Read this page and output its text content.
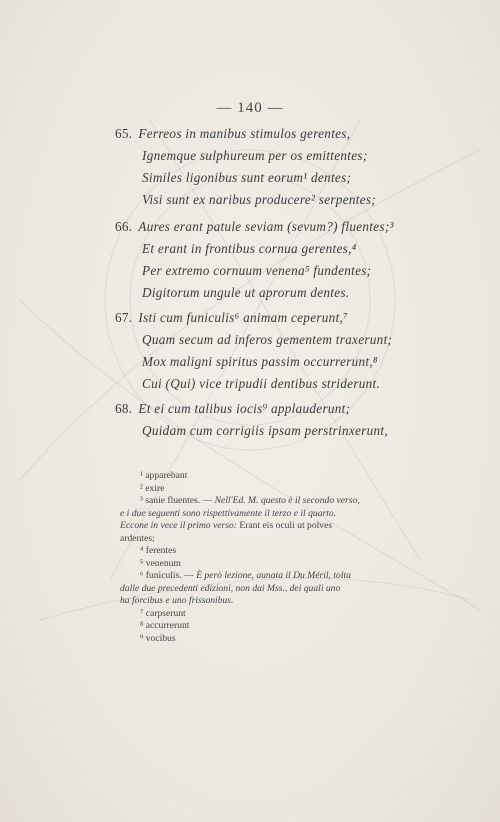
— 140 —
65. Ferreos in manibus stimulos gerentes,
Ignemque sulphureum per os emittentes;
Similes ligonibus sunt eorum¹ dentes;
Visi sunt ex naribus producere² serpentes;
66. Aures erant patule seviam (sevum?) fluentes;³
Et erant in frontibus cornua gerentes,⁴
Per extremo cornuum venena⁵ fundentes;
Digitorum ungule ut aprorum dentes.
67. Isti cum funiculis⁶ animam ceperunt,⁷
Quam secum ad inferos gementem traxerunt;
Mox maligni spiritus passim occurrerunt,⁸
Cui (Qui) vice tripudii dentibus striderunt.
68. Et ei cum talibus iocis⁹ applauderunt;
Quidam cum corrigiis ipsam perstrinxerunt,
¹ apparebant
² exire
³ sanie fluentes. — Nell'Ed. M. questo è il secondo verso,
e i due seguenti sono rispettivamente il terzo e il quarto.
Eccone in vece il primo verso: Erant eis oculi ut polves
ardentes;
⁴ ferentes
⁵ venenum
⁶ funiculis. — È però lezione, aunata il Du Méril, tolta
dalle due precedenti edizioni, non dai Mss., dei quali uno
ha forcibus e uno frissonibus.
⁷ carpserunt
⁸ accurrerunt
⁹ vocibus
